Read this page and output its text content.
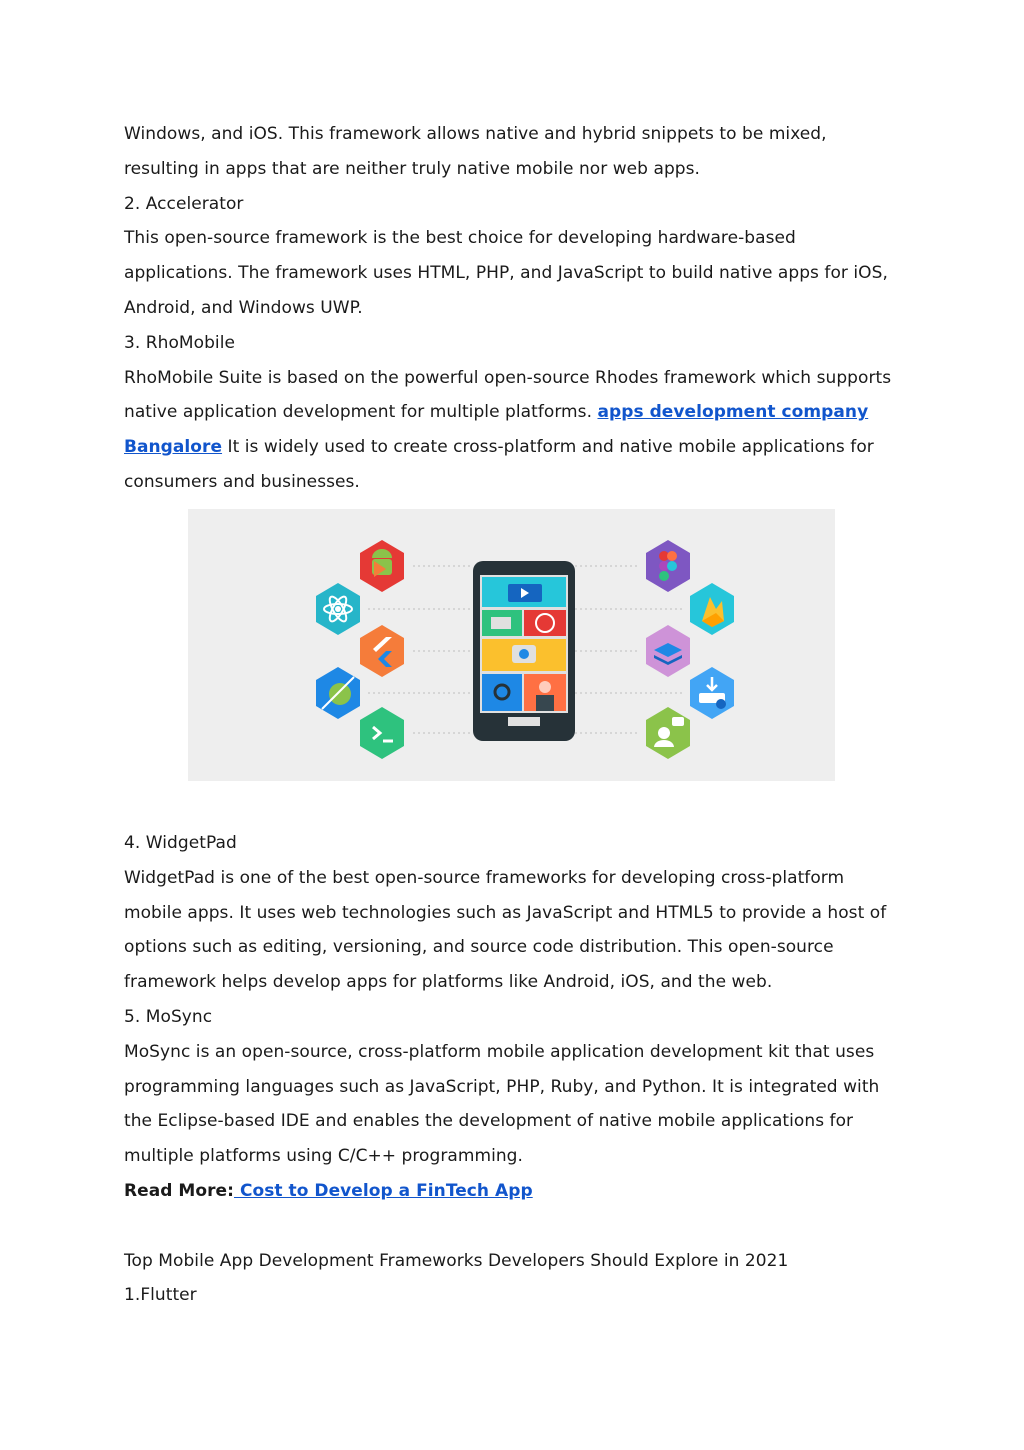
Windows, and iOS. This framework allows native and hybrid snippets to be mixed,
resulting in apps that are neither truly native mobile nor web apps.
2. Accelerator
This open-source framework is the best choice for developing hardware-based
applications. The framework uses HTML, PHP, and JavaScript to build native apps for iOS,
Android, and Windows UWP.
3. RhoMobile
RhoMobile Suite is based on the powerful open-source Rhodes framework which supports
native application development for multiple platforms. apps development company
Bangalore It is widely used to create cross-platform and native mobile applications for
consumers and businesses.
4. WidgetPad
WidgetPad is one of the best open-source frameworks for developing cross-platform
mobile apps. It uses web technologies such as JavaScript and HTML5 to provide a host of
options such as editing, versioning, and source code distribution. This open-source
framework helps develop apps for platforms like Android, iOS, and the web.
5. MoSync
MoSync is an open-source, cross-platform mobile application development kit that uses
programming languages such as JavaScript, PHP, Ruby, and Python. It is integrated with
the Eclipse-based IDE and enables the development of native mobile applications for
multiple platforms using C/C++ programming.
Read More: Cost to Develop a FinTech App
Top Mobile App Development Frameworks Developers Should Explore in 2021
1.Flutter
